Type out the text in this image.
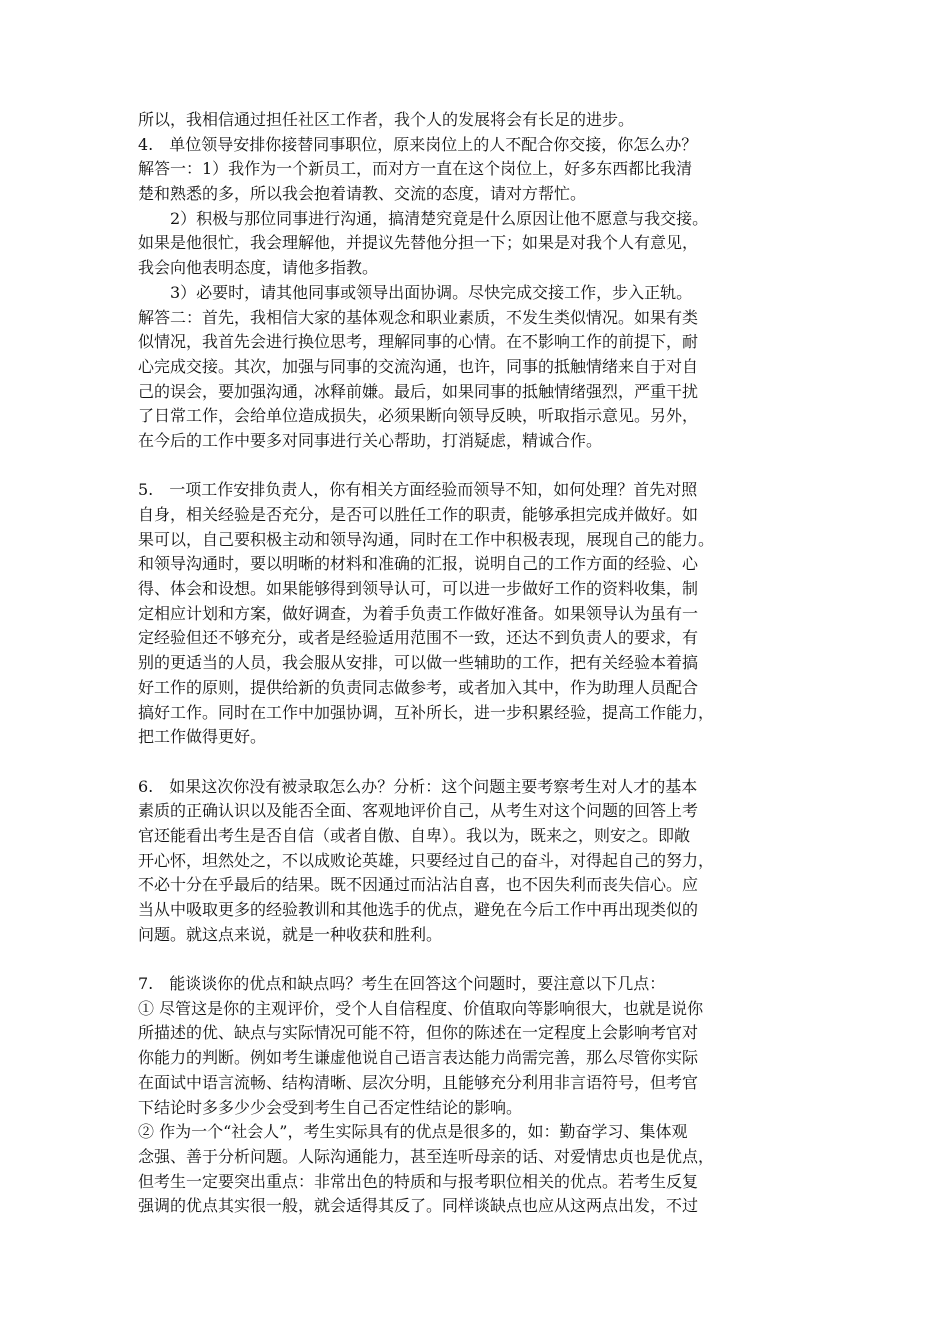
所以，我相信通过担任社区工作者，我个人的发展将会有长足的进步。
4.　单位领导安排你接替同事职位，原来岗位上的人不配合你交接，你怎么办？
解答一：1）我作为一个新员工，而对方一直在这个岗位上，好多东西都比我清
楚和熟悉的多，所以我会抱着请教、交流的态度，请对方帮忙。
　　2）积极与那位同事进行沟通，搞清楚究竟是什么原因让他不愿意与我交接。
如果是他很忙，我会理解他，并提议先替他分担一下；如果是对我个人有意见，
我会向他表明态度，请他多指教。
　　3）必要时，请其他同事或领导出面协调。尽快完成交接工作，步入正轨。
解答二：首先，我相信大家的基体观念和职业素质，不发生类似情况。如果有类
似情况，我首先会进行换位思考，理解同事的心情。在不影响工作的前提下，耐
心完成交接。其次，加强与同事的交流沟通，也许，同事的抵触情绪来自于对自
己的误会，要加强沟通，冰释前嫌。最后，如果同事的抵触情绪强烈，严重干扰
了日常工作，会给单位造成损失，必须果断向领导反映，听取指示意见。另外，
在今后的工作中要多对同事进行关心帮助，打消疑虑，精诚合作。
5.　一项工作安排负责人，你有相关方面经验而领导不知，如何处理？首先对照
自身，相关经验是否充分，是否可以胜任工作的职责，能够承担完成并做好。如
果可以，自己要积极主动和领导沟通，同时在工作中积极表现，展现自己的能力。
和领导沟通时，要以明晰的材料和准确的汇报，说明自己的工作方面的经验、心
得、体会和设想。如果能够得到领导认可，可以进一步做好工作的资料收集，制
定相应计划和方案，做好调查，为着手负责工作做好准备。如果领导认为虽有一
定经验但还不够充分，或者是经验适用范围不一致，还达不到负责人的要求，有
别的更适当的人员，我会服从安排，可以做一些辅助的工作，把有关经验本着搞
好工作的原则，提供给新的负责同志做参考，或者加入其中，作为助理人员配合
搞好工作。同时在工作中加强协调，互补所长，进一步积累经验，提高工作能力，
把工作做得更好。
6.　如果这次你没有被录取怎么办？分析：这个问题主要考察考生对人才的基本
素质的正确认识以及能否全面、客观地评价自己，从考生对这个问题的回答上考
官还能看出考生是否自信（或者自傲、自卑）。我以为，既来之，则安之。即敞
开心怀，坦然处之，不以成败论英雄，只要经过自己的奋斗，对得起自己的努力，
不必十分在乎最后的结果。既不因通过而沾沾自喜，也不因失利而丧失信心。应
当从中吸取更多的经验教训和其他选手的优点，避免在今后工作中再出现类似的
问题。就这点来说，就是一种收获和胜利。
7.　能谈谈你的优点和缺点吗？考生在回答这个问题时，要注意以下几点：
① 尽管这是你的主观评价，受个人自信程度、价值取向等影响很大，也就是说你
所描述的优、缺点与实际情况可能不符，但你的陈述在一定程度上会影响考官对
你能力的判断。例如考生谦虚他说自己语言表达能力尚需完善，那么尽管你实际
在面试中语言流畅、结构清晰、层次分明，且能够充分利用非言语符号，但考官
下结论时多多少少会受到考生自己否定性结论的影响。
② 作为一个“社会人”，考生实际具有的优点是很多的，如：勤奋学习、集体观
念强、善于分析问题。人际沟通能力，甚至连听母亲的话、对爱情忠贞也是优点，
但考生一定要突出重点：非常出色的特质和与报考职位相关的优点。若考生反复
强调的优点其实很一般，就会适得其反了。同样谈缺点也应从这两点出发，不过
